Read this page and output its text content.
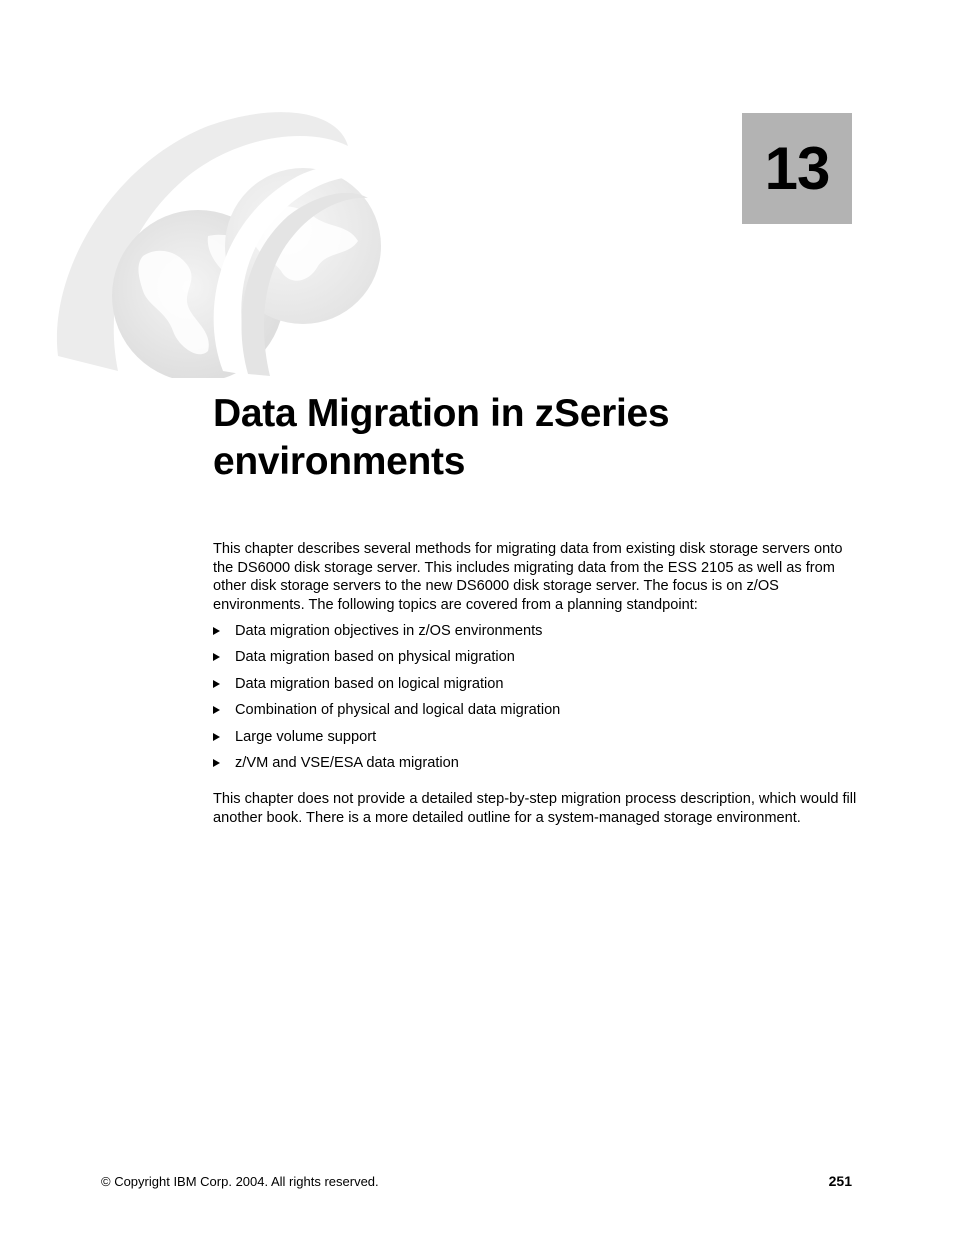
13
Data Migration in zSeries
environments

This chapter describes several methods for migrating data from existing disk storage servers onto the DS6000 disk storage server. This includes migrating data from the ESS 2105 as well as from other disk storage servers to the new DS6000 disk storage server. The focus is on z/OS environments. The following topics are covered from a planning standpoint:

Data migration objectives in z/OS environments
Data migration based on physical migration
Data migration based on logical migration
Combination of physical and logical data migration
Large volume support
z/VM and VSE/ESA data migration

This chapter does not provide a detailed step-by-step migration process description, which would fill another book. There is a more detailed outline for a system-managed storage environment.

© Copyright IBM Corp. 2004. All rights reserved.	251
